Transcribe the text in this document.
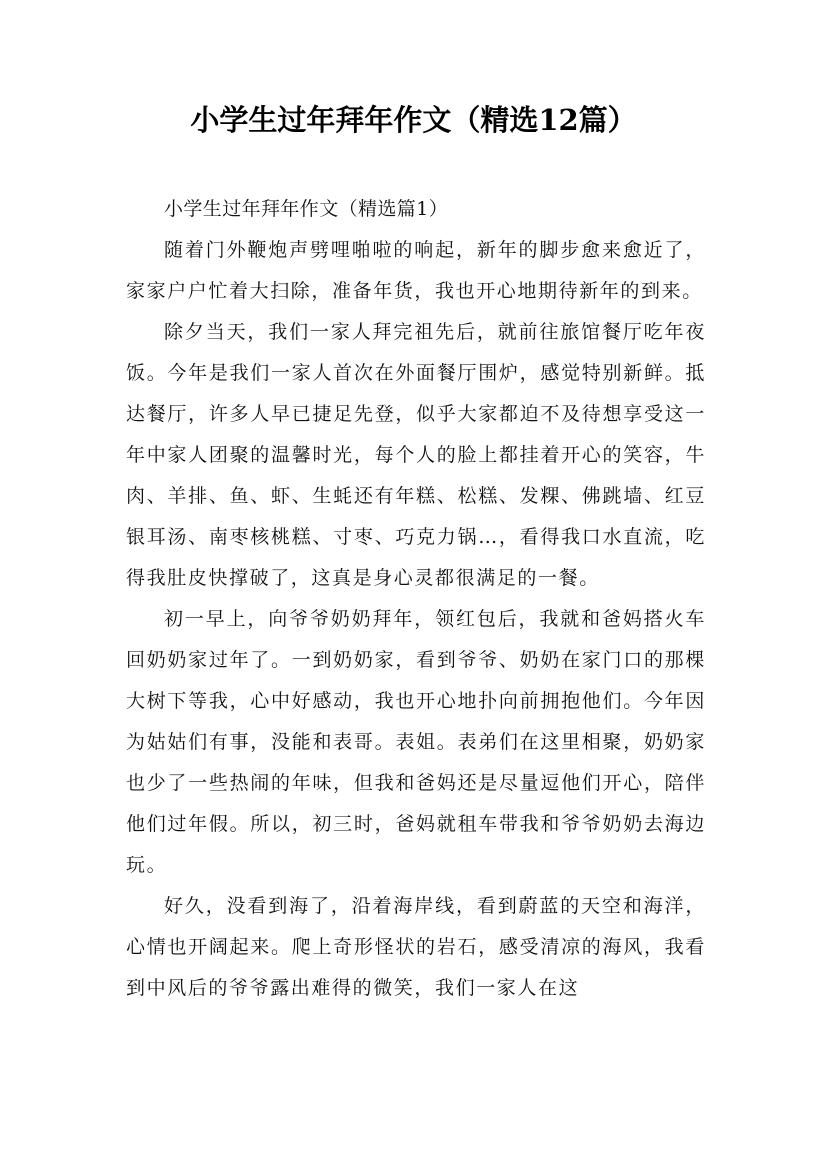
小学生过年拜年作文（精选12篇）

小学生过年拜年作文（精选篇1）

随着门外鞭炮声劈哩啪啦的响起，新年的脚步愈来愈近了，家家户户忙着大扫除，准备年货，我也开心地期待新年的到来。

除夕当天，我们一家人拜完祖先后，就前往旅馆餐厅吃年夜饭。今年是我们一家人首次在外面餐厅围炉，感觉特别新鲜。抵达餐厅，许多人早已捷足先登，似乎大家都迫不及待想享受这一年中家人团聚的温馨时光，每个人的脸上都挂着开心的笑容，牛肉、羊排、鱼、虾、生蚝还有年糕、松糕、发粿、佛跳墙、红豆银耳汤、南枣核桃糕、寸枣、巧克力锅…，看得我口水直流，吃得我肚皮快撑破了，这真是身心灵都很满足的一餐。

初一早上，向爷爷奶奶拜年，领红包后，我就和爸妈搭火车回奶奶家过年了。一到奶奶家，看到爷爷、奶奶在家门口的那棵大树下等我，心中好感动，我也开心地扑向前拥抱他们。今年因为姑姑们有事，没能和表哥。表姐。表弟们在这里相聚，奶奶家也少了一些热闹的年味，但我和爸妈还是尽量逗他们开心，陪伴他们过年假。所以，初三时，爸妈就租车带我和爷爷奶奶去海边玩。

好久，没看到海了，沿着海岸线，看到蔚蓝的天空和海洋，心情也开阔起来。爬上奇形怪状的岩石，感受清凉的海风，我看到中风后的爷爷露出难得的微笑，我们一家人在这
